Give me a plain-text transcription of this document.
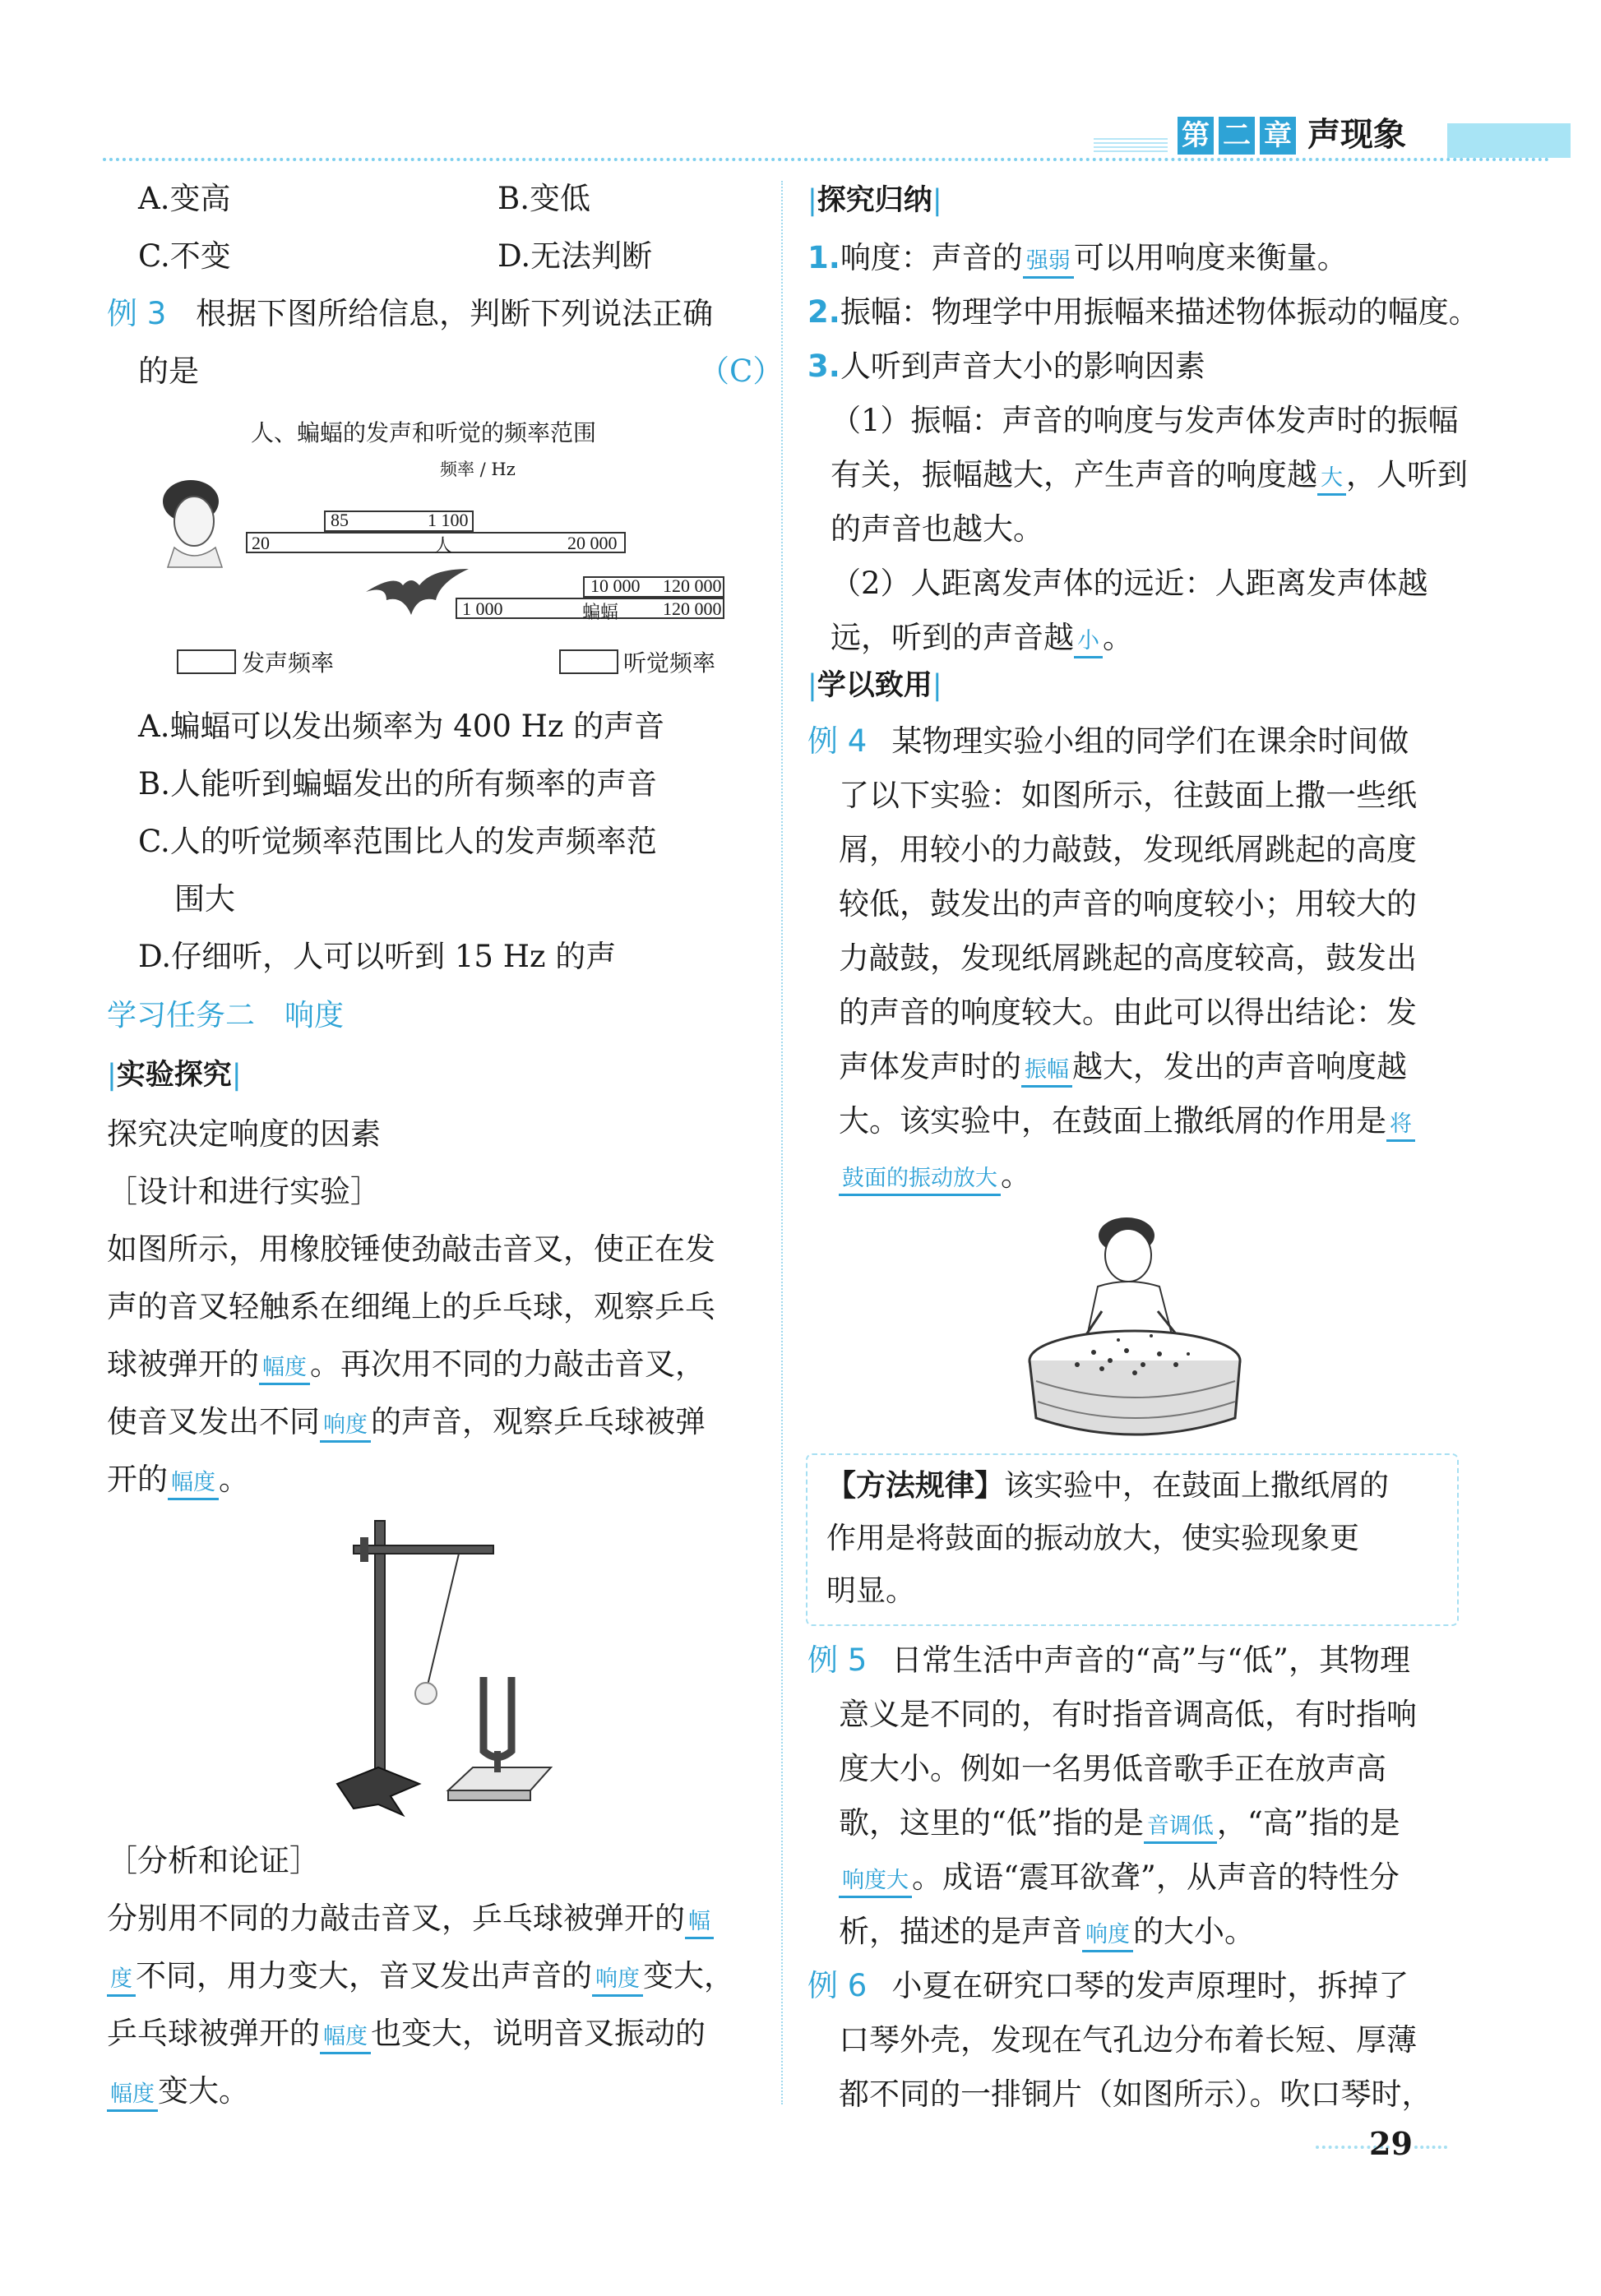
第 二 章 声现象
A.变高	B.变低
C.不变	D.无法判断
例 3 根据下图所给信息，判断下列说法正确
的是	（C）
人、蝙蝠的发声和听觉的频率范围
频率 / Hz
85	1 100
20	人	20 000
10 000 120 000
1 000	蝙蝠 120 000
发声频率	听觉频率
A.蝙蝠可以发出频率为 400 Hz 的声音
B.人能听到蝙蝠发出的所有频率的声音
C.人的听觉频率范围比人的发声频率范
围大
D.仔细听，人可以听到 15 Hz 的声
学习任务二　响度
|实验探究|
探究决定响度的因素
［设计和进行实验］
如图所示，用橡胶锤使劲敲击音叉，使正在发
声的音叉轻触系在细绳上的乒乓球，观察乒乓
球被弹开的 幅度 。再次用不同的力敲击音叉，
使音叉发出不同 响度 的声音，观察乒乓球被弹
开的 幅度 。
［分析和论证］
分别用不同的力敲击音叉，乒乓球被弹开的 幅
度 不同，用力变大，音叉发出声音的 响度 变大，
乒乓球被弹开的 幅度 也变大，说明音叉振动的
幅度 变大。
|探究归纳|
1.响度：声音的 强弱 可以用响度来衡量。
2.振幅：物理学中用振幅来描述物体振动的幅度。
3.人听到声音大小的影响因素
（1）振幅：声音的响度与发声体发声时的振幅
有关，振幅越大，产生声音的响度越 大 ，人听到
的声音也越大。
（2）人距离发声体的远近：人距离发声体越
远，听到的声音越 小 。
|学以致用|
例 4 某物理实验小组的同学们在课余时间做
了以下实验：如图所示，往鼓面上撒一些纸
屑，用较小的力敲鼓，发现纸屑跳起的高度
较低，鼓发出的声音的响度较小；用较大的
力敲鼓，发现纸屑跳起的高度较高，鼓发出
的声音的响度较大。由此可以得出结论：发
声体发声时的 振幅 越大，发出的声音响度越
大。该实验中，在鼓面上撒纸屑的作用是 将
鼓面的振动放大 。
【方法规律】该实验中，在鼓面上撒纸屑的
作用是将鼓面的振动放大，使实验现象更
明显。
例 5 日常生活中声音的“高”与“低”，其物理
意义是不同的，有时指音调高低，有时指响
度大小。例如一名男低音歌手正在放声高
歌，这里的“低”指的是 音调低 ，“高”指的是
响度大 。成语“震耳欲聋”，从声音的特性分
析，描述的是声音 响度 的大小。
例 6 小夏在研究口琴的发声原理时，拆掉了
口琴外壳，发现在气孔边分布着长短、厚薄
都不同的一排铜片（如图所示）。吹口琴时，
29
